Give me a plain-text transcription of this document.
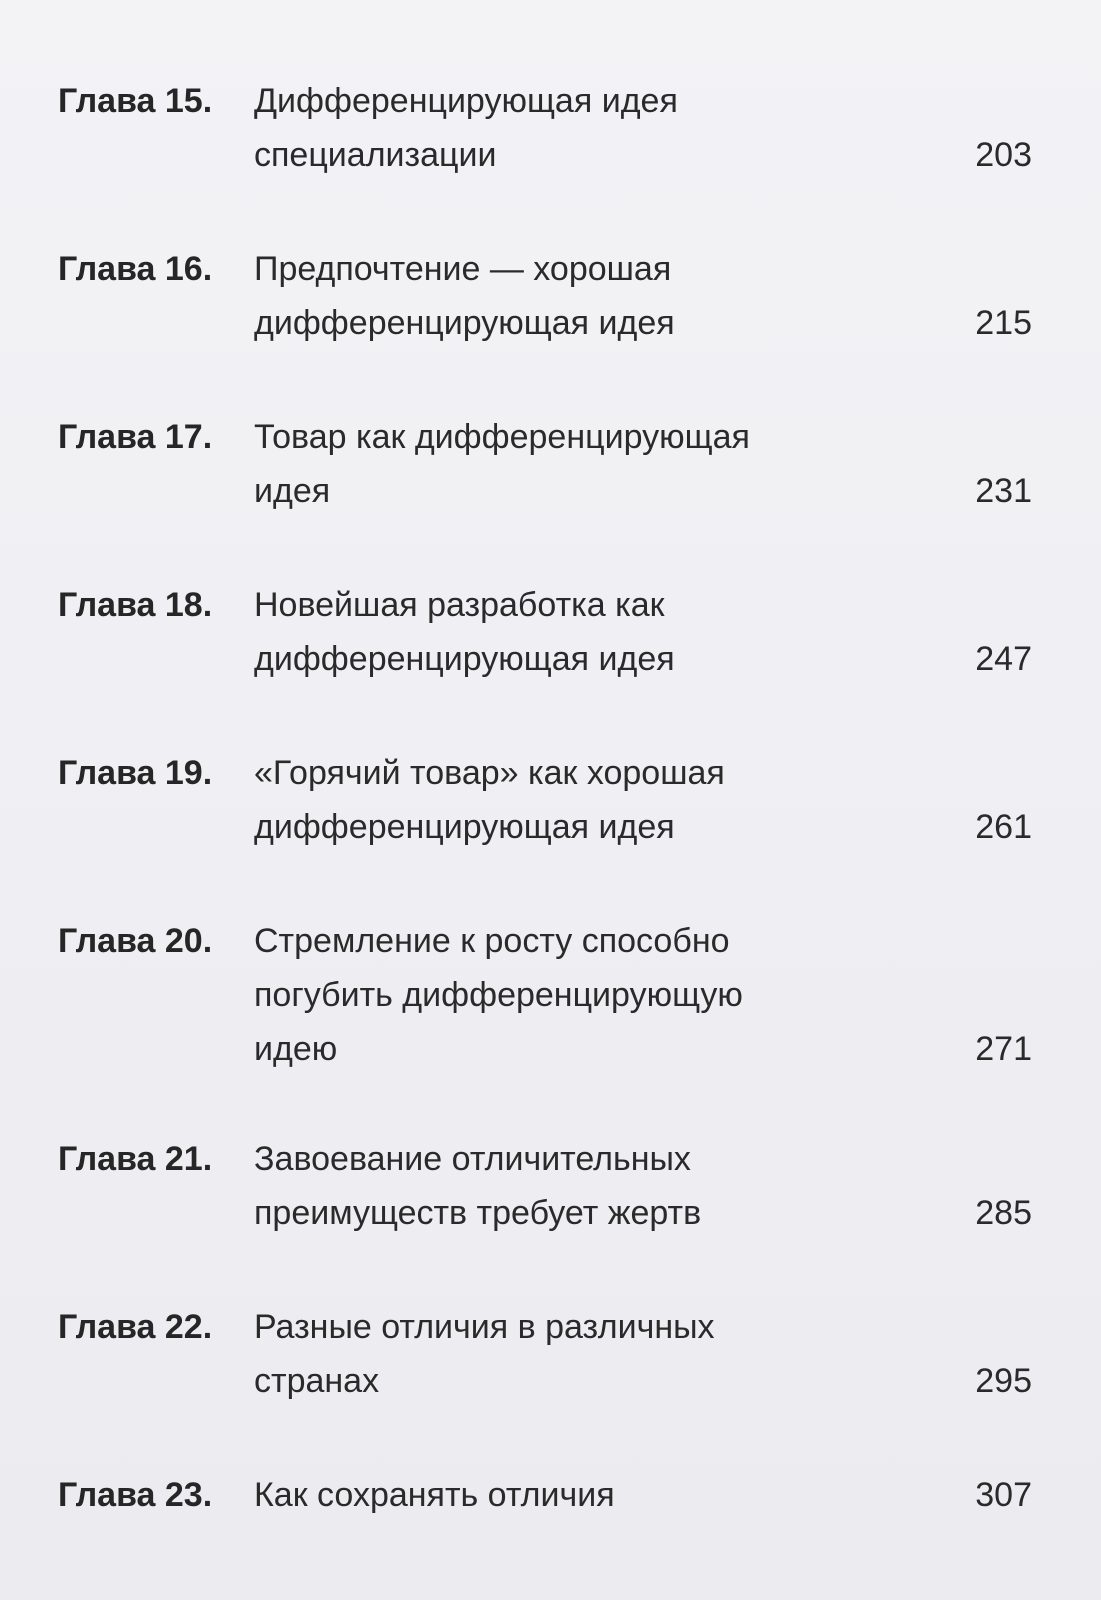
Глава 15.	Дифференцирующая идея
специализации	203
Глава 16.	Предпочтение — хорошая
дифференцирующая идея	215
Глава 17.	Товар как дифференцирующая
идея	231
Глава 18.	Новейшая разработка как
дифференцирующая идея	247
Глава 19.	«Горячий товар» как хорошая
дифференцирующая идея	261
Глава 20.	Стремление к росту способно
погубить дифференцирующую
идею	271
Глава 21.	Завоевание отличительных
преимуществ требует жертв	285
Глава 22.	Разные отличия в различных
странах	295
Глава 23.	Как сохранять отличия	307
